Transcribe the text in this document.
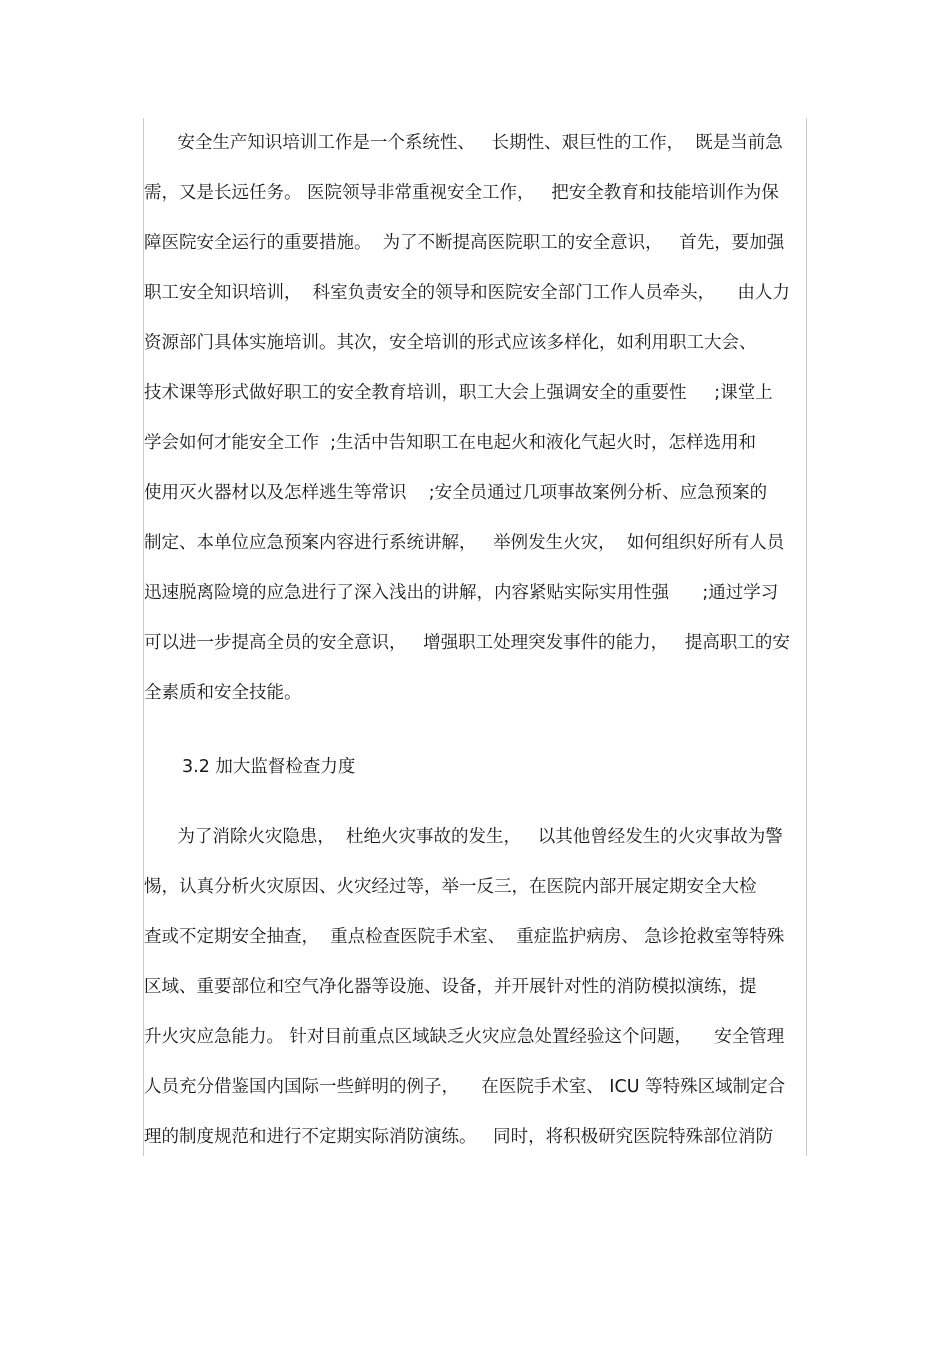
安全生产知识培训工作是一个系统性、   长期性、艰巨性的工作，  既是当前急
需，又是长远任务。 医院领导非常重视安全工作，   把安全教育和技能培训作为保
障医院安全运行的重要措施。  为了不断提高医院职工的安全意识，   首先，要加强
职工安全知识培训，  科室负责安全的领导和医院安全部门工作人员牵头，    由人力
资源部门具体实施培训。其次，安全培训的形式应该多样化，如利用职工大会、
技术课等形式做好职工的安全教育培训，职工大会上强调安全的重要性     ;课堂上
学会如何才能安全工作  ;生活中告知职工在电起火和液化气起火时，怎样选用和
使用灭火器材以及怎样逃生等常识    ;安全员通过几项事故案例分析、应急预案的
制定、本单位应急预案内容进行系统讲解，   举例发生火灾，  如何组织好所有人员
迅速脱离险境的应急进行了深入浅出的讲解，内容紧贴实际实用性强      ;通过学习
可以进一步提高全员的安全意识，   增强职工处理突发事件的能力，   提高职工的安
全素质和安全技能。
3.2 加大监督检查力度
为了消除火灾隐患，  杜绝火灾事故的发生，   以其他曾经发生的火灾事故为警
惕，认真分析火灾原因、火灾经过等，举一反三，在医院内部开展定期安全大检
查或不定期安全抽查，  重点检查医院手术室、  重症监护病房、 急诊抢救室等特殊
区域、重要部位和空气净化器等设施、设备，并开展针对性的消防模拟演练，提
升火灾应急能力。 针对目前重点区域缺乏火灾应急处置经验这个问题，    安全管理
人员充分借鉴国内国际一些鲜明的例子，    在医院手术室、 ICU 等特殊区域制定合
理的制度规范和进行不定期实际消防演练。   同时，将积极研究医院特殊部位消防
